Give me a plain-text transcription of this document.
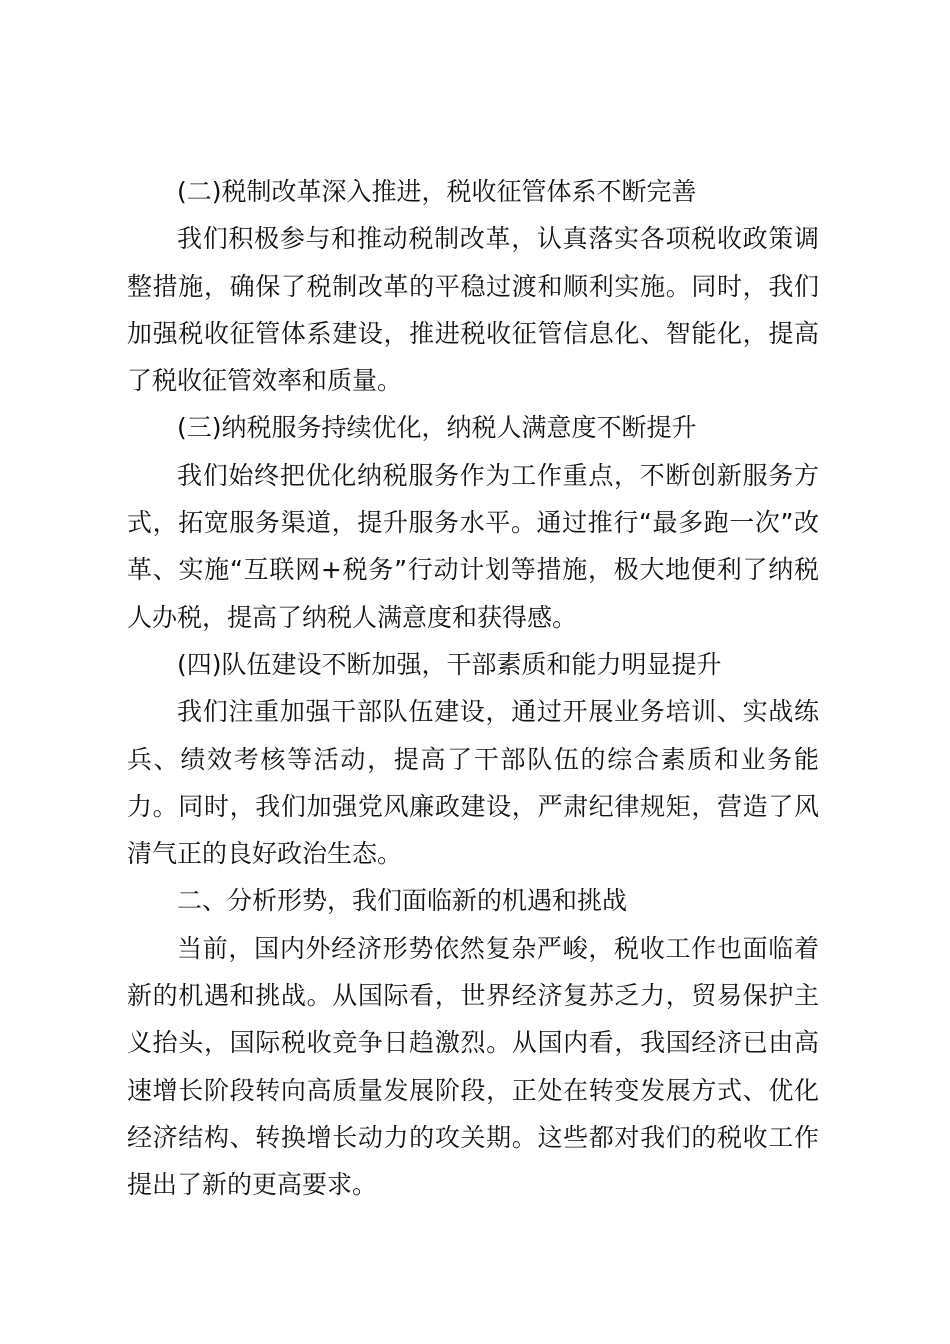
(二)税制改革深入推进，税收征管体系不断完善

我们积极参与和推动税制改革，认真落实各项税收政策调整措施，确保了税制改革的平稳过渡和顺利实施。同时，我们加强税收征管体系建设，推进税收征管信息化、智能化，提高了税收征管效率和质量。

(三)纳税服务持续优化，纳税人满意度不断提升

我们始终把优化纳税服务作为工作重点，不断创新服务方式，拓宽服务渠道，提升服务水平。通过推行“最多跑一次”改革、实施“互联网+税务”行动计划等措施，极大地便利了纳税人办税，提高了纳税人满意度和获得感。

(四)队伍建设不断加强，干部素质和能力明显提升

我们注重加强干部队伍建设，通过开展业务培训、实战练兵、绩效考核等活动，提高了干部队伍的综合素质和业务能力。同时，我们加强党风廉政建设，严肃纪律规矩，营造了风清气正的良好政治生态。

二、分析形势，我们面临新的机遇和挑战

当前，国内外经济形势依然复杂严峻，税收工作也面临着新的机遇和挑战。从国际看，世界经济复苏乏力，贸易保护主义抬头，国际税收竞争日趋激烈。从国内看，我国经济已由高速增长阶段转向高质量发展阶段，正处在转变发展方式、优化经济结构、转换增长动力的攻关期。这些都对我们的税收工作提出了新的更高要求。
